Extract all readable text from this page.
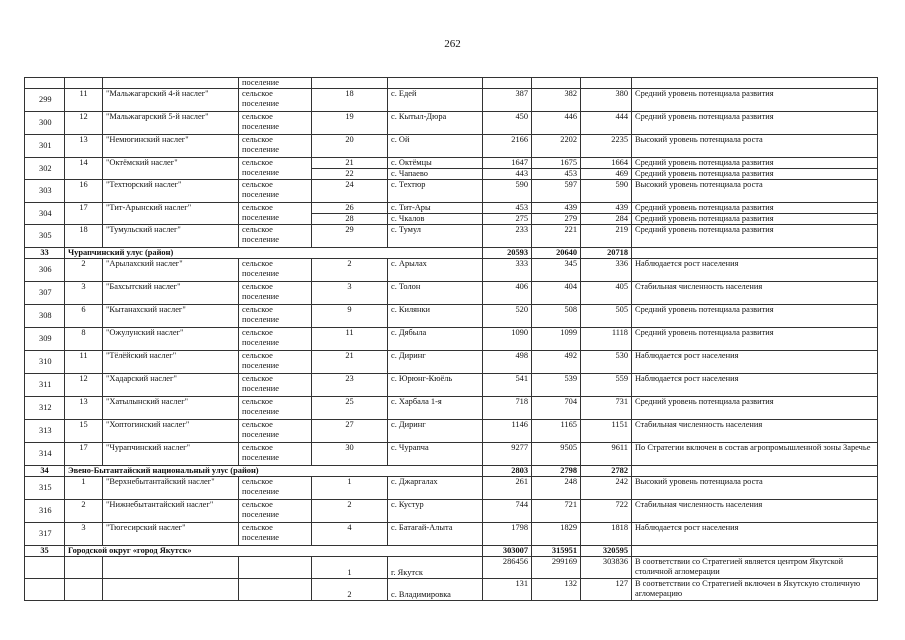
262
			поселение						
299	11	"Мальжагарский 4-й наслег"	сельское поселение	18	с. Едей	387	382	380	Средний уровень потенциала развития
300	12	"Мальжагарский 5-й наслег"	сельское поселение	19	с. Кытыл-Дюра	450	446	444	Средний уровень потенциала развития
301	13	"Немюгинский наслег"	сельское поселение	20	с. Ой	2166	2202	2235	Высокий уровень потенциала роста
302	14	"Октёмский наслег"	сельское поселение	21	с. Октёмцы	1647	1675	1664	Средний уровень потенциала развития
				22	с. Чапаево	443	453	469	Средний уровень потенциала развития
303	16	"Техтюрский наслег"	сельское поселение	24	с. Техтюр	590	597	590	Высокий уровень потенциала роста
304	17	"Тит-Арынский наслег"	сельское поселение	26	с. Тит-Ары	453	439	439	Средний уровень потенциала развития
				28	с. Чкалов	275	279	284	Средний уровень потенциала развития
305	18	"Тумульский наслег"	сельское поселение	29	с. Тумул	233	221	219	Средний уровень потенциала развития
33	Чурапчинский улус (район)					20593	20640	20718	
306	2	"Арылахский наслег"	сельское поселение	2	с. Арылах	333	345	336	Наблюдается рост населения
307	3	"Бахсытский наслег"	сельское поселение	3	с. Толон	406	404	405	Стабильная численность населения
308	6	"Кытанахский наслег"	сельское поселение	9	с. Килянки	520	508	505	Средний уровень потенциала развития
309	8	"Ожулунский наслег"	сельское поселение	11	с. Дябыла	1090	1099	1118	Средний уровень потенциала развития
310	11	"Тёлёйский наслег"	сельское поселение	21	с. Диринг	498	492	530	Наблюдается рост населения
311	12	"Хадарский наслег"	сельское поселение	23	с. Юрюнг-Кюёль	541	539	559	Наблюдается рост населения
312	13	"Хатылынский наслег"	сельское поселение	25	с. Харбала 1-я	718	704	731	Средний уровень потенциала развития
313	15	"Хоптогинский наслег"	сельское поселение	27	с. Диринг	1146	1165	1151	Стабильная численность населения
314	17	"Чурапчинский наслег"	сельское поселение	30	с. Чурапча	9277	9505	9611	По Стратегии включен в состав агропромышленной зоны Заречье
34	Эвено-Бытантайский национальный улус (район)					2803	2798	2782	
315	1	"Верхнебытантайский наслег"	сельское поселение	1	с. Джаргалах	261	248	242	Высокий уровень потенциала роста
316	2	"Нижнебытантайский наслег"	сельское поселение	2	с. Кустур	744	721	722	Стабильная численность населения
317	3	"Тюгесирский наслег"	сельское поселение	4	с. Батагай-Алыта	1798	1829	1818	Наблюдается рост населения
35	Городской округ «город Якутск»					303007	315951	320595	
				1	г. Якутск	286456	299169	303836	В соответствии со Стратегией является центром Якутской столичной агломерации
				2	с. Владимировка	131	132	127	В соответствии со Стратегией включен в Якутскую столичную агломерацию
